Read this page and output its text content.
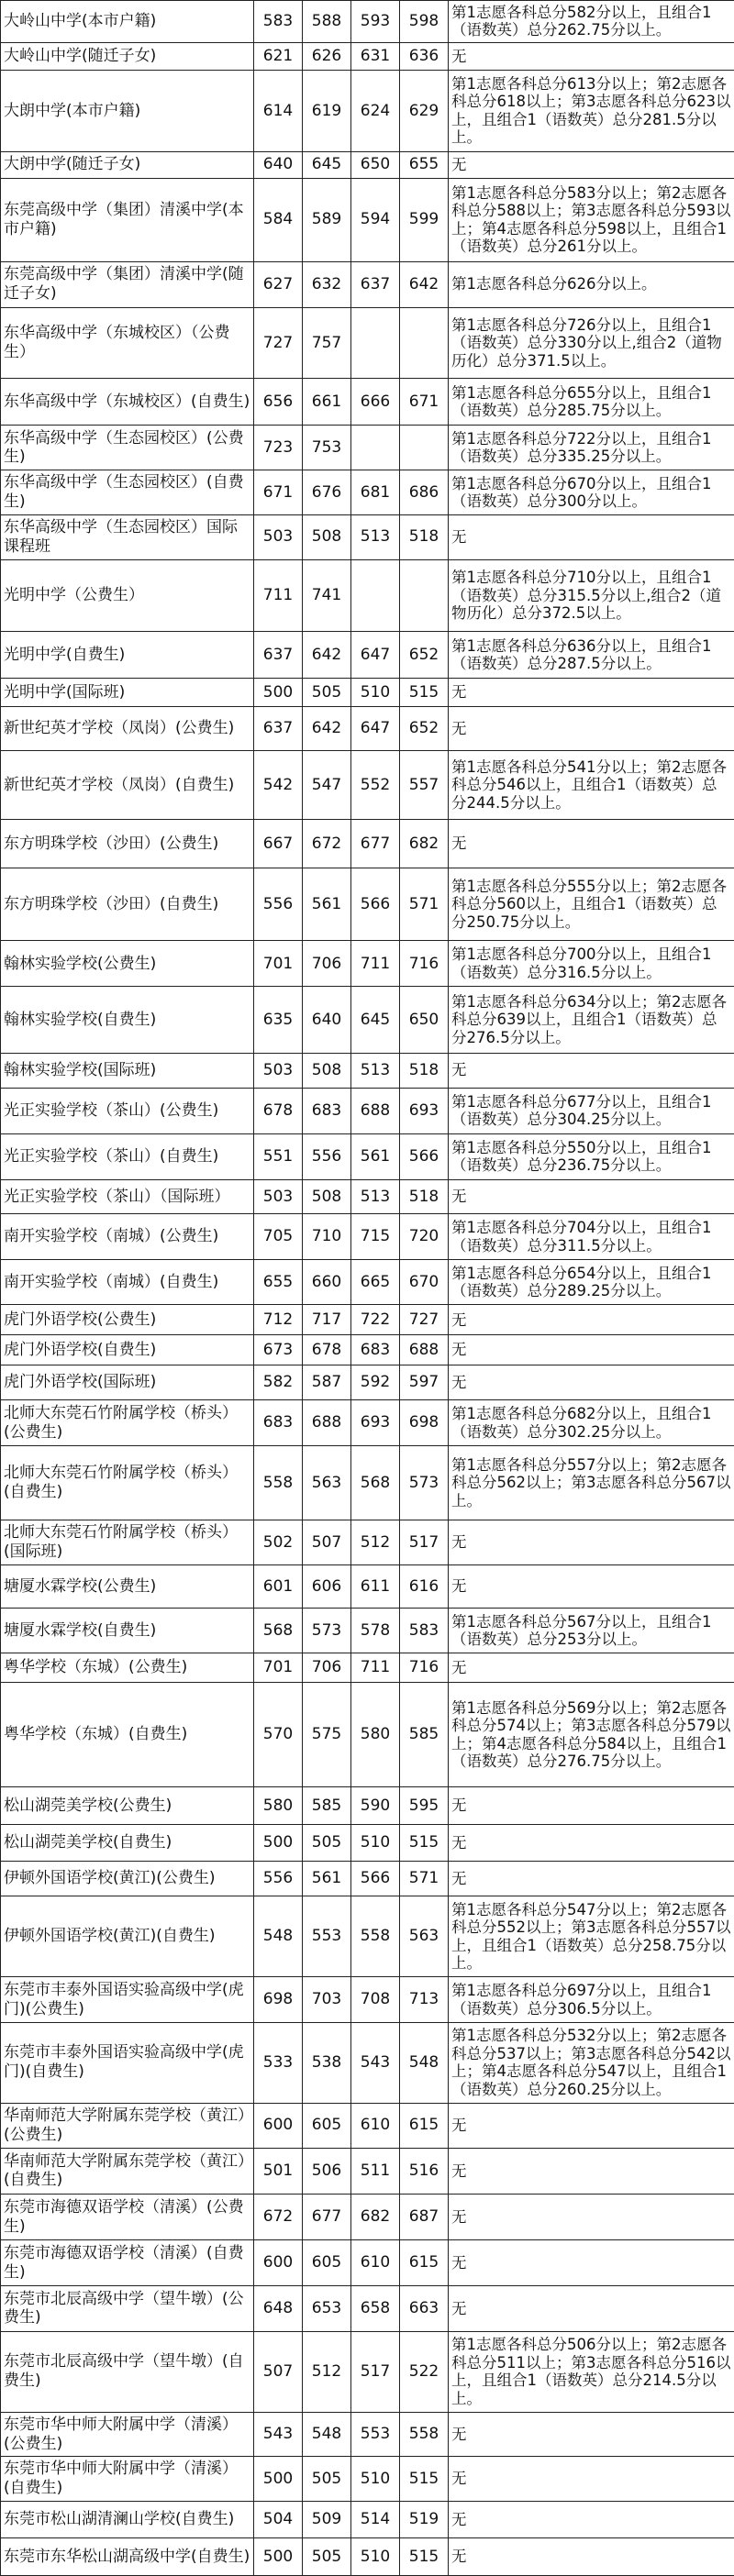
大岭山中学(本市户籍)	583	588	593	598	第1志愿各科总分582分以上，且组合1（语数英）总分262.75分以上。
大岭山中学(随迁子女)	621	626	631	636	无
大朗中学(本市户籍)	614	619	624	629	第1志愿各科总分613分以上；第2志愿各科总分618以上；第3志愿各科总分623以上，且组合1（语数英）总分281.5分以上。
大朗中学(随迁子女)	640	645	650	655	无
东莞高级中学（集团）清溪中学(本市户籍)	584	589	594	599	第1志愿各科总分583分以上；第2志愿各科总分588以上；第3志愿各科总分593以上；第4志愿各科总分598以上，且组合1（语数英）总分261分以上。
东莞高级中学（集团）清溪中学(随迁子女)	627	632	637	642	第1志愿各科总分626分以上。
东华高级中学（东城校区）（公费生）	727	757			第1志愿各科总分726分以上，且组合1（语数英）总分330分以上,组合2（道物历化）总分371.5以上。
东华高级中学（东城校区）(自费生)	656	661	666	671	第1志愿各科总分655分以上，且组合1（语数英）总分285.75分以上。
东华高级中学（生态园校区）(公费生)	723	753			第1志愿各科总分722分以上，且组合1（语数英）总分335.25分以上。
东华高级中学（生态园校区）(自费生)	671	676	681	686	第1志愿各科总分670分以上，且组合1（语数英）总分300分以上。
东华高级中学（生态园校区）国际课程班	503	508	513	518	无
光明中学（公费生）	711	741			第1志愿各科总分710分以上，且组合1（语数英）总分315.5分以上,组合2（道物历化）总分372.5以上。
光明中学(自费生)	637	642	647	652	第1志愿各科总分636分以上，且组合1（语数英）总分287.5分以上。
光明中学(国际班)	500	505	510	515	无
新世纪英才学校（凤岗）(公费生)	637	642	647	652	无
新世纪英才学校（凤岗）(自费生)	542	547	552	557	第1志愿各科总分541分以上；第2志愿各科总分546以上，且组合1（语数英）总分244.5分以上。
东方明珠学校（沙田）(公费生)	667	672	677	682	无
东方明珠学校（沙田）(自费生)	556	561	566	571	第1志愿各科总分555分以上；第2志愿各科总分560以上，且组合1（语数英）总分250.75分以上。
翰林实验学校(公费生)	701	706	711	716	第1志愿各科总分700分以上，且组合1（语数英）总分316.5分以上。
翰林实验学校(自费生)	635	640	645	650	第1志愿各科总分634分以上；第2志愿各科总分639以上，且组合1（语数英）总分276.5分以上。
翰林实验学校(国际班)	503	508	513	518	无
光正实验学校（茶山）(公费生)	678	683	688	693	第1志愿各科总分677分以上，且组合1（语数英）总分304.25分以上。
光正实验学校（茶山）(自费生)	551	556	561	566	第1志愿各科总分550分以上，且组合1（语数英）总分236.75分以上。
光正实验学校（茶山）（国际班）	503	508	513	518	无
南开实验学校（南城）(公费生)	705	710	715	720	第1志愿各科总分704分以上，且组合1（语数英）总分311.5分以上。
南开实验学校（南城）(自费生)	655	660	665	670	第1志愿各科总分654分以上，且组合1（语数英）总分289.25分以上。
虎门外语学校(公费生)	712	717	722	727	无
虎门外语学校(自费生)	673	678	683	688	无
虎门外语学校(国际班)	582	587	592	597	无
北师大东莞石竹附属学校（桥头）(公费生)	683	688	693	698	第1志愿各科总分682分以上，且组合1（语数英）总分302.25分以上。
北师大东莞石竹附属学校（桥头）(自费生)	558	563	568	573	第1志愿各科总分557分以上；第2志愿各科总分562以上；第3志愿各科总分567以上。
北师大东莞石竹附属学校（桥头）(国际班)	502	507	512	517	无
塘厦水霖学校(公费生)	601	606	611	616	无
塘厦水霖学校(自费生)	568	573	578	583	第1志愿各科总分567分以上，且组合1（语数英）总分253分以上。
粤华学校（东城）(公费生)	701	706	711	716	无
粤华学校（东城）(自费生)	570	575	580	585	第1志愿各科总分569分以上；第2志愿各科总分574以上；第3志愿各科总分579以上；第4志愿各科总分584以上，且组合1（语数英）总分276.75分以上。
松山湖莞美学校(公费生)	580	585	590	595	无
松山湖莞美学校(自费生)	500	505	510	515	无
伊顿外国语学校(黄江)(公费生)	556	561	566	571	无
伊顿外国语学校(黄江)(自费生)	548	553	558	563	第1志愿各科总分547分以上；第2志愿各科总分552以上；第3志愿各科总分557以上，且组合1（语数英）总分258.75分以上。
东莞市丰泰外国语实验高级中学(虎门)(公费生)	698	703	708	713	第1志愿各科总分697分以上，且组合1（语数英）总分306.5分以上。
东莞市丰泰外国语实验高级中学(虎门)(自费生)	533	538	543	548	第1志愿各科总分532分以上；第2志愿各科总分537以上；第3志愿各科总分542以上；第4志愿各科总分547以上，且组合1（语数英）总分260.25分以上。
华南师范大学附属东莞学校（黄江）(公费生)	600	605	610	615	无
华南师范大学附属东莞学校（黄江）(自费生)	501	506	511	516	无
东莞市海德双语学校（清溪）(公费生)	672	677	682	687	无
东莞市海德双语学校（清溪）(自费生)	600	605	610	615	无
东莞市北辰高级中学（望牛墩）(公费生)	648	653	658	663	无
东莞市北辰高级中学（望牛墩）(自费生)	507	512	517	522	第1志愿各科总分506分以上；第2志愿各科总分511以上；第3志愿各科总分516以上，且组合1（语数英）总分214.5分以上。
东莞市华中师大附属中学（清溪）(公费生)	543	548	553	558	无
东莞市华中师大附属中学（清溪）(自费生)	500	505	510	515	无
东莞市松山湖清澜山学校(自费生)	504	509	514	519	无
东莞市东华松山湖高级中学(自费生)	500	505	510	515	无
